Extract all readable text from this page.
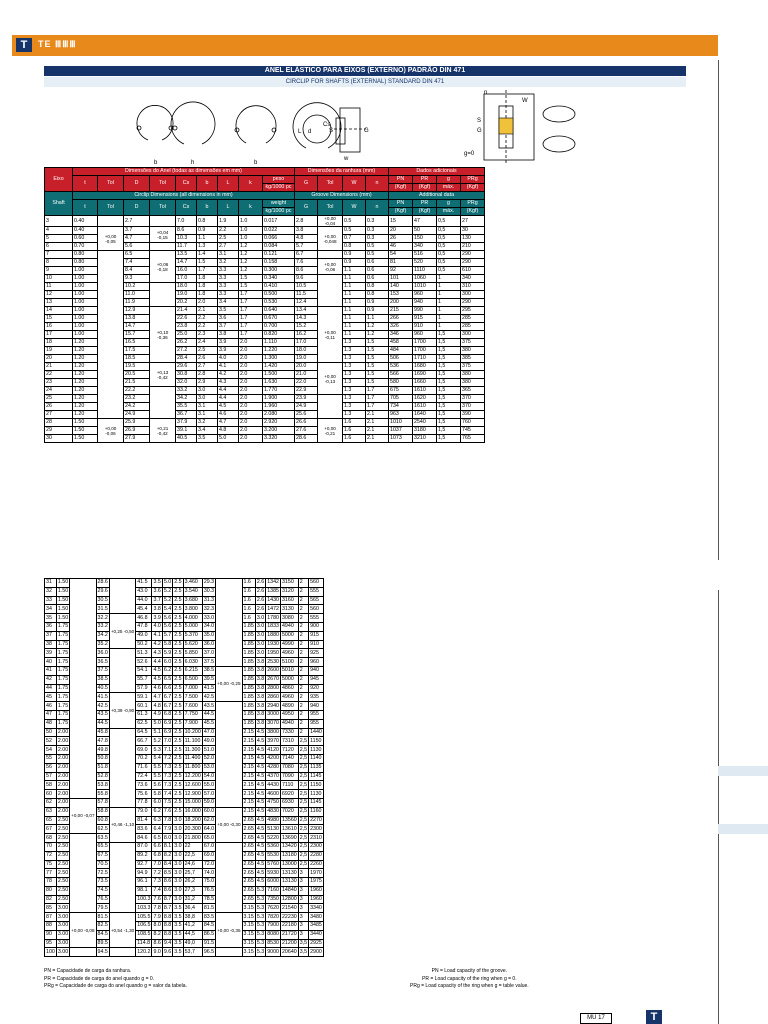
T	TE ⅢⅢⅢ
ANEL ELÁSTICO PARA EIXOS (EXTERNO) PADRÃO DIN 471
CIRCLIP FOR SHAFTS (EXTERNAL) STANDARD DIN 471
b	h	b
d
Cs
L	S	G
w
n
S
G
W
g=0
Eixo	Dimensões do Anel (todas as dimensões em mm)									Dimensões da ranhura (mm)				Dados adicionais			
	t	Tol	D	Tol	Cs	b	L	k	peso	G	Tol	W	n	PN	PR	g	PRg
									kg/1000 pc					(Kgf)	(Kgf)	máx.	(Kgf)
Shaft	Circlip Dimensions (all dimensions in mm)									Groove Dimensions (mm)				Additional data			
	t	Tol	D	Tol	Cs	b	L	k	weight	G	Tol	W	n	PN	PR	g	PRg
									kg/1000 pc					(Kgf)	(Kgf)	máx.	(Kgf)
3	0.40		2.7		7.0	0.8	1.9	1.0	0.017	2.8	+0,00 -0,04	0.5	0.3	15	47	0,5	27
4	0.40	+0,00 -0,05	3.7	+0,04 -0,15	8.6	0.9	2.2	1.0	0.022	3.8	+0,00 -0,048	0.5	0.3	20	50	0,5	30
5	0.60		4.7		10.3	1.1	2.5	1.0	0.066	4.8		0.7	0.3	26	150	0,5	130
6	0.70		5.6		11.7	1.3	2.7	1.2	0.084	5.7		0.8	0.5	46	340	0,5	210
7	0.80		6.5	+0,06 -0,18	13.5	1.4	3.1	1.2	0.121	6.7		0.9	0.5	54	516	0,5	290
8	0.80		7.4		14.7	1.5	3.2	1.2	0.158	7.6	+0,00 -0,06	0.9	0.6	81	520	0,5	290
9	1.00		8.4		16.0	1.7	3.3	1.2	0.300	8.6		1.1	0.6	92	1110	0,5	610
10	1.00		9.3		17.0	1.8	3.3	1.5	0.340	9.6		1.1	0.6	101	1060	1	340
11	1.00		10.2		18.0	1.8	3.3	1.5	0.410	10.5		1.1	0.8	140	1010	1	310
12	1.00		11.0		19.0	1.8	3.3	1.7	0.500	11.5		1.1	0.8	153	960	1	300
13	1.00		11.9		20.2	2.0	3.4	1.7	0.530	12.4		1.1	0.9	200	940	1	290
14	1.00		12.9	+0,10 -0,36	21.4	2.1	3.5	1.7	0.640	13.4	+0,00 -0,11	1.1	0.9	215	990	1	295
15	1.00		13.8		22.6	2.2	3.6	1.7	0.670	14.3		1.1	1.1	266	915	1	285
16	1.00		14.7		23.8	2.2	3.7	1.7	0.700	15.2		1.1	1.2	326	910	1	285
17	1.00		15.7		25.0	2.3	3.8	1.7	0.820	16.2		1.1	1.2	346	960	1,5	300
18	1.20		16.5		26.2	2.4	3.9	2.0	1.110	17.0		1.3	1.5	458	1700	1,5	375
19	1.20		17.5		27.2	2.5	3.9	2.0	1.220	18.0		1.3	1.5	484	1700	1,5	380
20	1.20		18.5		28.4	2.6	4.0	2.0	1.300	19.0		1.3	1.5	506	1710	1,5	385
21	1.20		19.5	+0,13 -0,42	29.6	2.7	4.1	2.0	1.420	20.0	+0,00 -0,13	1.3	1.5	536	1680	1,5	375
22	1.20		20.5		30.8	2.8	4.2	2.0	1.500	21.0		1.3	1.5	566	1690	1,5	380
23	1.20		21.5		32.0	2.9	4.3	2.0	1.630	22.0		1.3	1.5	580	1660	1,5	380
24	1.20		22.2		33.2	3.0	4.4	2.0	1.770	22.9		1.3	1.7	675	1610	1,5	365
25	1.20		23.2		34.2	3.0	4.4	2.0	1.900	23.9		1.3	1.7	705	1620	1,5	370
26	1.20		24.2		35.5	3.1	4.5	2.0	1.960	24.9		1.3	1.7	734	1610	1,5	370
27	1.20		24.9		36.7	3.1	4.6	2.0	2.080	25.6		1.3	2.1	963	1640	1,5	390
28	1.50	+0,00 -0,06	25.9	+0,21 -0,42	37.9	3.2	4.7	2.0	2.920	26.6	+0,00 -0,21	1.6	2.1	1010	2540	1,5	760
29	1.50		26.9		39.1	3.4	4.8	2.0	3.200	27.6		1.6	2.1	1037	3180	1,5	745
30	1.50		27.9		40.5	3.5	5.0	2.0	3.320	28.6		1.6	2.1	1073	3210	1,5	765
31	1.50		28.6		41.5	3.5	5.0	2.5	3.460	29.3		1.6	2.6	1342	3150	2	560
32	1.50		29.6		43.0	3.6	5.2	2.5	3.540	30.3		1.6	2.6	1385	3120	2	555
33	1.50		30.5		44.0	3.7	5.2	2.5	3.680	31.3		1.6	2.6	1430	3160	2	565
34	1.50		31.5		45.4	3.8	5.4	2.5	3.800	32.3		1.6	2.6	1472	3130	2	560
35	1.50		32.2	+0,25 -0,50	46.8	3.9	5.6	2.5	4.000	33.0		1.6	3.0	1780	3080	2	555
36	1.75		33.2		47.8	4.0	5.6	2.5	5.000	34.0		1.85	3.0	1833	4940	2	900
37	1.75		34.2		49.0	4.1	5.7	2.5	5.370	35.0		1.85	3.0	1880	5000	2	915
38	1.75		35.2		50.2	4.2	5.8	2.5	5.620	36.0		1.85	3.0	1930	4990	2	910
39	1.75		36.0		51.3	4.3	5.9	2.5	5.850	37.0		1.85	3.0	1950	4960	2	925
40	1.75		36.5		52.6	4.4	6.0	2.5	6.030	37.5		1.85	3.8	2530	5100	2	960
41	1.75		37.5		54.1	4.5	6.2	2.5	6.215	38.5	+0,00 -0,25	1.85	3.8	2600	5010	2	940
42	1.75		38.5		55.7	4.5	6.5	2.5	6.500	39.5		1.85	3.8	2670	5000	2	945
44	1.75		40.5		57.9	4.6	6.6	2.5	7.000	41.5		1.85	3.8	2800	4860	2	920
45	1.75		41.5	+0,39 -0,90	59.1	4.7	6.7	2.5	7.500	42.5		1.85	3.8	2860	4960	2	935
46	1.75		42.5		60.1	4.8	6.7	2.5	7.600	43.5		1.85	3.8	2940	4890	2	940
47	1.75		43.5		61.3	4.9	6.8	2.5	7.750	44.5		1.85	3.8	3000	4950	2	955
48	1.75		44.5		62.5	5.0	6.9	2.5	7.900	45.5		1.85	3.8	3070	4940	2	955
50	2.00		45.8		64.5	5.1	6.9	2.5	10.200	47.0		2.15	4.5	3800	7330	2	1440
52	2.00		47.8		66.7	5.2	7.0	2.5	11.100	49.0		2.15	4.5	3970	7310	2,5	1150
54	2.00		49.8		69.0	5.3	7.1	2.5	11.300	51.0		2.15	4.5	4120	7120	2,5	1130
55	2.00		50.8		70.2	5.4	7.2	2.5	11.400	52.0		2.15	4.5	4200	7140	2,5	1140
56	2.00		51.8		71.6	5.5	7.3	2.5	11.800	53.0		2.15	4.5	4280	7080	2,5	1135
57	2.00		52.8		72.4	5.5	7.3	2.5	12.200	54.0		2.15	4.5	4370	7090	2,5	1145
58	2.00		53.8		73.6	5.6	7.3	2.5	12.600	55.0		2.15	4.5	4430	7110	2,5	1150
60	2.00		55.8		75.6	5.8	7.4	2.5	12.900	57.0		2.15	4.5	4600	6920	2,5	1130
62	2.00	+0,00 -0,07	57.8		77.8	6.0	7.5	2.5	15.000	59.0		2.15	4.5	4750	6930	2,5	1145
63	2.00		58.8	+0,46 -1,10	79.0	6.2	7.6	2.5	16.000	60.0	+0,00 -0,30	2.15	4.5	4830	7020	2,5	1160
65	2.50		60.8		81.4	6.3	7.8	3.0	18.200	62.0		2.65	4.5	4980	13560	2,5	2270
67	2.50		62.5		83.6	6.4	7.9	3.0	20.300	64.0		2.65	4.5	5130	13610	2,5	2300
68	2.50		63.5		84.6	6.5	8.0	3.0	21.800	65.0		2.65	4.5	5220	13690	2,5	2310
70	2.50		65.5		87.0	6.6	8.1	3.0	22	67.0		2.65	4.5	5360	13420	2,5	2300
72	2.50		67.5		89.2	6.8	8.2	3.0	22,5	69.0		2.65	4.5	5530	13180	2,5	2280
75	2.50		70.5		92.7	7.0	8.4	3.0	24,6	72.0		2.65	4.5	5760	13000	2,5	2260
77	2.50		72.5		94.9	7.2	8.5	3.0	25,7	74.0		2.65	4.5	5930	13130	3	1970
78	2.50		73.5		96.1	7.3	8.6	3.0	26,2	75.0		2.65	4.5	6000	13130	3	1975
80	2.50		74.5		98.1	7.4	8.6	3.0	27,3	76.5		2.65	5.3	7160	14840	3	1960
82	2.50		76.5		100.3	7.6	8.7	3.0	31,2	78.5		2.65	5.3	7350	12800	3	1960
85	3.00		79.5		103.3	7.8	8.7	3.5	36,4	81.5		3.15	5.3	7620	21540	3	3340
87	3.00	+0,00 -0,08	81.5	+0,54 -1,30	105.5	7.9	8.8	3.5	38,8	83.5	+0,00 -0,35	3.15	5.3	7820	22230	3	3480
88	3.00		82.5		106.5	8.0	8.8	3.5	41,2	84.5		3.15	5.3	7900	22180	3	3485
90	3.00		84.5		108.5	8.2	8.8	3.5	44,5	86.5		3.15	5.3	8080	21720	3	3440
95	3.00		89.5		114.8	8.6	9.4	3.5	49,0	91.5		3.15	5.3	8530	21200	3,5	2925
100	3.00		94.5		120.2	9.0	9.6	3.5	53,7	96.5		3.15	5.3	9000	20640	3,5	2900
PN = Capacidade de carga da ranhura.
PR = Capacidade de carga do anel quando g = 0.
PRg = Capacidade de carga do anel quando g = valor da tabela.
PN = Load capacity of the groove.
PR = Load capacity of the ring when g = 0.
PRg = Load capacity of the ring when g = table value.
MU 17	T
